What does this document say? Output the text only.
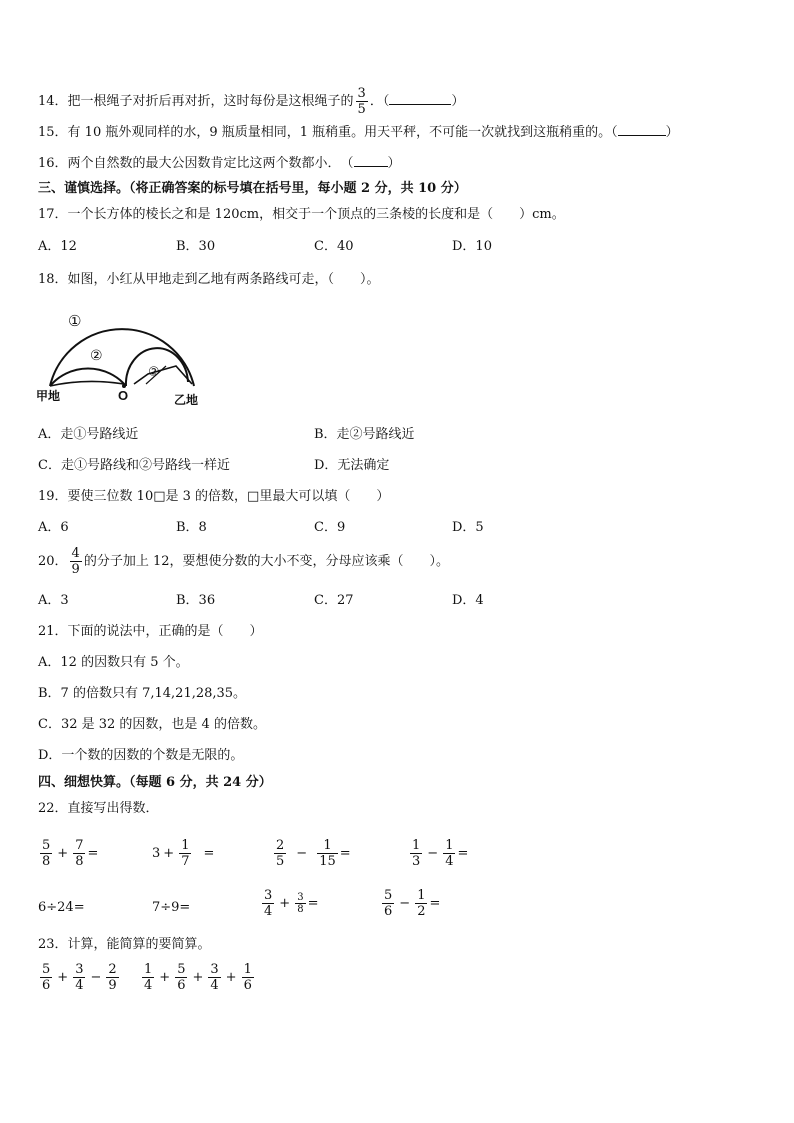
14．把一根绳子对折后再对折，这时每份是这根绳子的 $\frac{3}{5}$ ．（	）
15．有 10 瓶外观同样的水，9 瓶质量相同，1 瓶稍重。用天平秤，不可能一次就找到这瓶稍重的。（	）
16．两个自然数的最大公因数肯定比这两个数都小．　（	）
三、谨慎选择。（将正确答案的标号填在括号里，每小题 2 分，共 10 分）
17．一个长方体的棱长之和是 120cm，相交于一个顶点的三条棱的长度和是（　　）cm。
A．12	B．30	C．40	D．10
18．如图，小红从甲地走到乙地有两条路线可走，（　　）。
①
②
②
甲地	O	乙地
A．走①号路线近	B．走②号路线近
C．走①号路线和②号路线一样近	D．无法确定
19．要使三位数 10□是 3 的倍数，□里最大可以填（　　）
A．6	B．8	C．9	D．5
20． $\frac{4}{9}$ 的分子加上 12，要想使分数的大小不变，分母应该乘（　　）。
A．3	B．36	C．27	D．4
21．下面的说法中，正确的是（　　）
A．12 的因数只有 5 个。
B．7 的倍数只有 7,14,21,28,35。
C．32 是 32 的因数，也是 4 的倍数。
D．一个数的因数的个数是无限的。
四、细想快算。（每题 6 分，共 24 分）
22．直接写出得数．
$\frac{5}{8} + \frac{7}{8}$ =	$3 + \frac{1}{7}$ =	$\frac{2}{5} - \frac{1}{15}$ =	$\frac{1}{3} - \frac{1}{4}$ =
6÷24=	7÷9=	$\frac{3}{4} + \frac{3}{8}$ =	$\frac{5}{6} - \frac{1}{2}$ =
23．计算，能简算的要简算。
$\frac{5}{6} + \frac{3}{4} - \frac{2}{9} \frac{1}{4} + \frac{5}{6} + \frac{3}{4} + \frac{1}{6}$
